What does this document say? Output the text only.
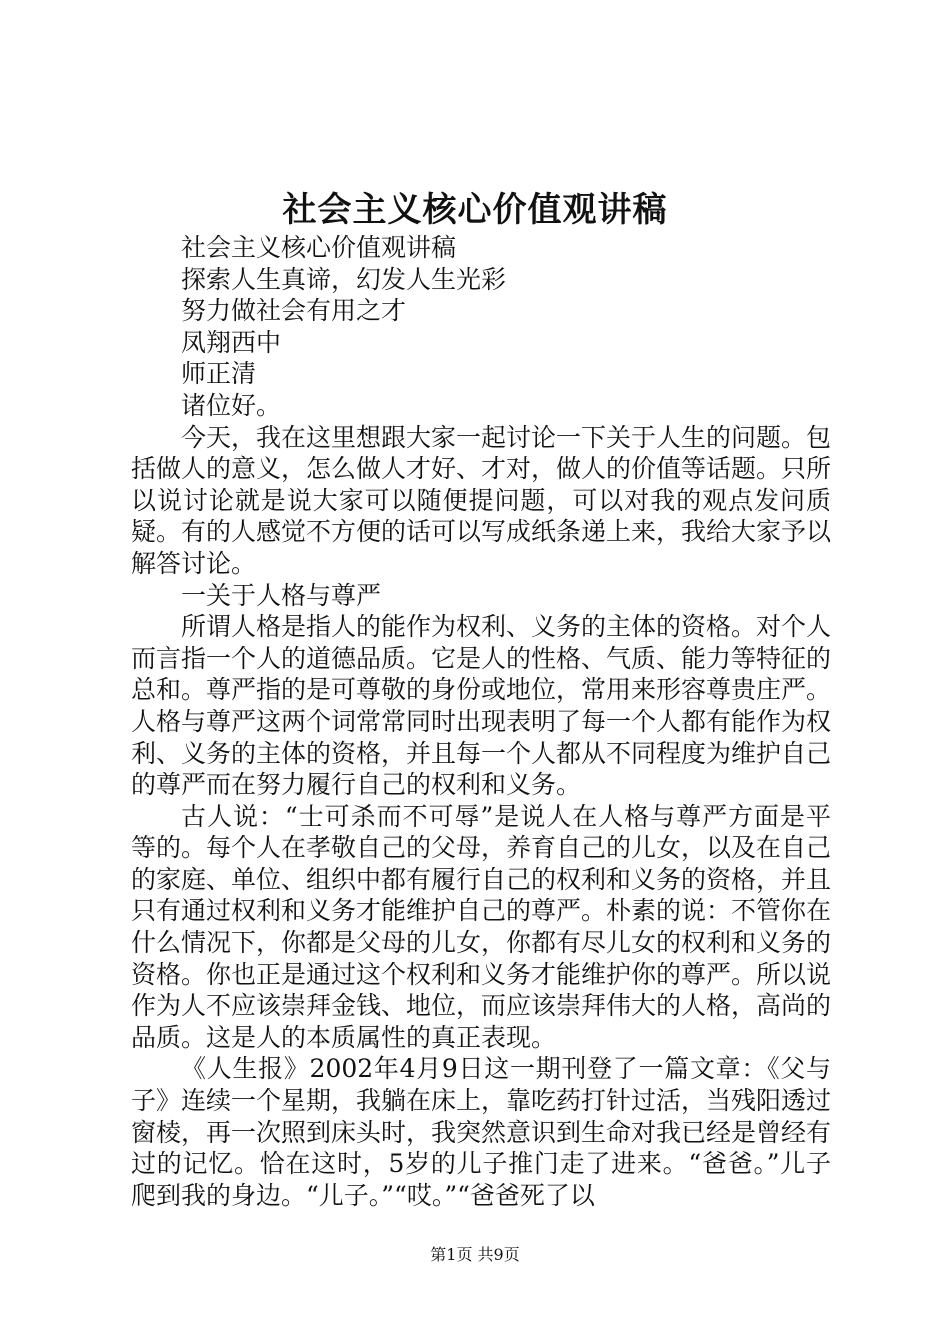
社会主义核心价值观讲稿

社会主义核心价值观讲稿

探索人生真谛，幻发人生光彩

努力做社会有用之才

凤翔西中

师正清

诸位好。

今天，我在这里想跟大家一起讨论一下关于人生的问题。包括做人的意义，怎么做人才好、才对，做人的价值等话题。只所以说讨论就是说大家可以随便提问题，可以对我的观点发问质疑。有的人感觉不方便的话可以写成纸条递上来，我给大家予以解答讨论。

一关于人格与尊严

所谓人格是指人的能作为权利、义务的主体的资格。对个人而言指一个人的道德品质。它是人的性格、气质、能力等特征的总和。尊严指的是可尊敬的身份或地位，常用来形容尊贵庄严。人格与尊严这两个词常常同时出现表明了每一个人都有能作为权利、义务的主体的资格，并且每一个人都从不同程度为维护自己的尊严而在努力履行自己的权利和义务。

古人说：“士可杀而不可辱”是说人在人格与尊严方面是平等的。每个人在孝敬自己的父母，养育自己的儿女，以及在自己的家庭、单位、组织中都有履行自己的权利和义务的资格，并且只有通过权利和义务才能维护自己的尊严。朴素的说：不管你在什么情况下，你都是父母的儿女，你都有尽儿女的权利和义务的资格。你也正是通过这个权利和义务才能维护你的尊严。所以说作为人不应该崇拜金钱、地位，而应该崇拜伟大的人格，高尚的品质。这是人的本质属性的真正表现。

《人生报》2002年4月9日这一期刊登了一篇文章：《父与子》连续一个星期，我躺在床上，靠吃药打针过活，当残阳透过窗棱，再一次照到床头时，我突然意识到生命对我已经是曾经有过的记忆。恰在这时，5岁的儿子推门走了进来。“爸爸。”儿子爬到我的身边。“儿子。”“哎。”“爸爸死了以

第1页 共9页
